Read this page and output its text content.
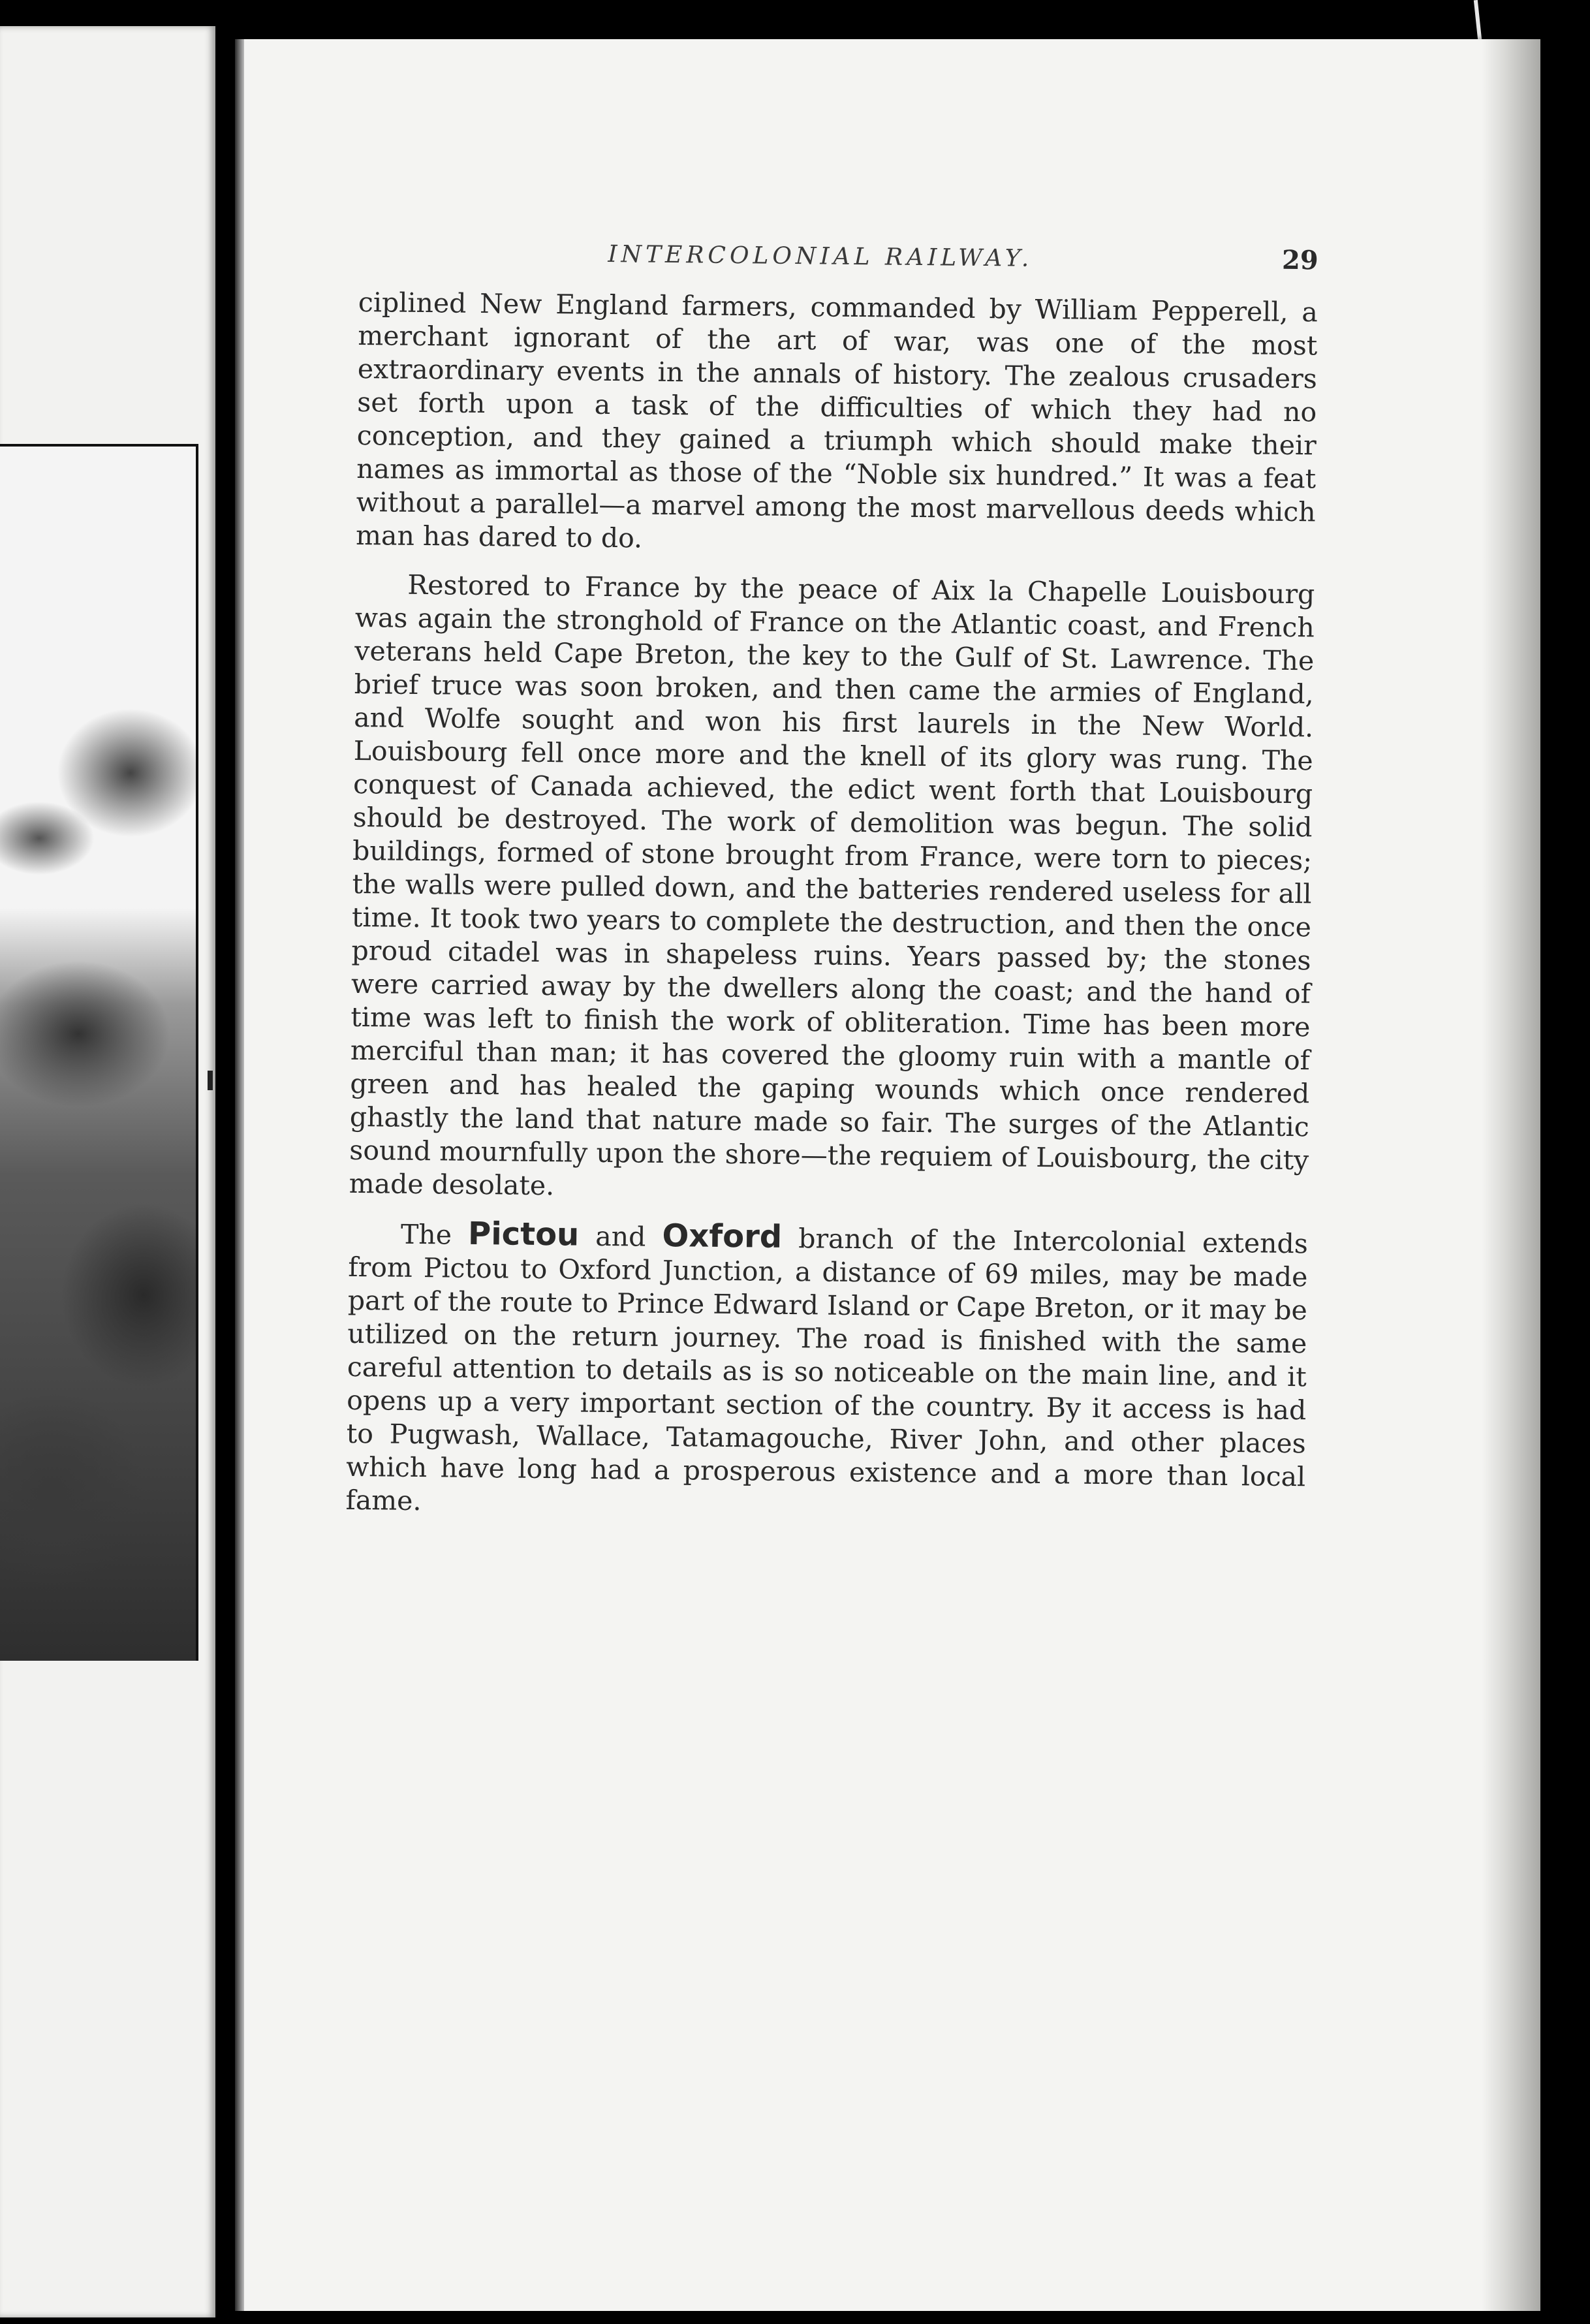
INTERCOLONIAL RAILWAY.	29

ciplined New England farmers, commanded by William Pepperell, a merchant ignorant of the art of war, was one of the most extraordinary events in the annals of history. The zealous crusaders set forth upon a task of the difficulties of which they had no conception, and they gained a triumph which should make their names as immortal as those of the “Noble six hundred.” It was a feat without a parallel—a marvel among the most marvellous deeds which man has dared to do.

Restored to France by the peace of Aix la Chapelle Louisbourg was again the stronghold of France on the Atlantic coast, and French veterans held Cape Breton, the key to the Gulf of St. Lawrence. The brief truce was soon broken, and then came the armies of England, and Wolfe sought and won his first laurels in the New World. Louisbourg fell once more and the knell of its glory was rung. The conquest of Canada achieved, the edict went forth that Louisbourg should be destroyed. The work of demolition was begun. The solid buildings, formed of stone brought from France, were torn to pieces; the walls were pulled down, and the batteries rendered useless for all time. It took two years to complete the destruction, and then the once proud citadel was in shapeless ruins. Years passed by; the stones were carried away by the dwellers along the coast; and the hand of time was left to finish the work of obliteration. Time has been more merciful than man; it has covered the gloomy ruin with a mantle of green and has healed the gaping wounds which once rendered ghastly the land that nature made so fair. The surges of the Atlantic sound mournfully upon the shore—the requiem of Louisbourg, the city made desolate.

The Pictou and Oxford branch of the Intercolonial extends from Pictou to Oxford Junction, a distance of 69 miles, may be made part of the route to Prince Edward Island or Cape Breton, or it may be utilized on the return journey. The road is finished with the same careful attention to details as is so noticeable on the main line, and it opens up a very important section of the country. By it access is had to Pugwash, Wallace, Tatamagouche, River John, and other places which have long had a prosperous existence and a more than local fame.
